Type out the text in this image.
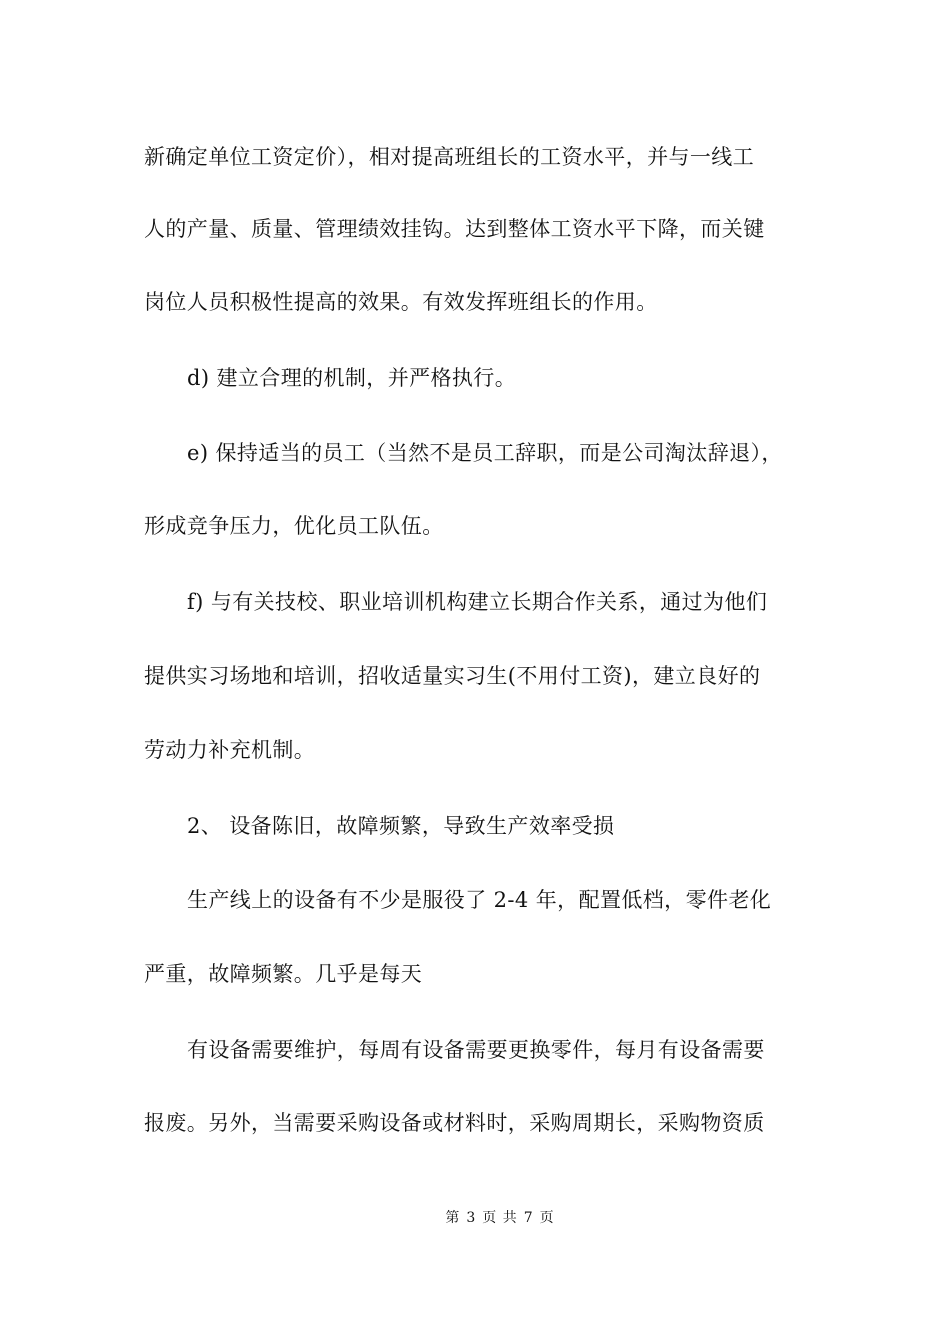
新确定单位工资定价），相对提高班组长的工资水平，并与一线工
人的产量、质量、管理绩效挂钩。达到整体工资水平下降，而关键
岗位人员积极性提高的效果。有效发挥班组长的作用。
d) 建立合理的机制，并严格执行。
e) 保持适当的员工（当然不是员工辞职，而是公司淘汰辞退），
形成竞争压力，优化员工队伍。
f) 与有关技校、职业培训机构建立长期合作关系，通过为他们
提供实习场地和培训，招收适量实习生(不用付工资)，建立良好的
劳动力补充机制。
2、 设备陈旧，故障频繁，导致生产效率受损
生产线上的设备有不少是服役了 2-4 年，配置低档，零件老化
严重，故障频繁。几乎是每天
有设备需要维护，每周有设备需要更换零件，每月有设备需要
报废。另外，当需要采购设备或材料时，采购周期长，采购物资质
第 3 页 共 7 页
